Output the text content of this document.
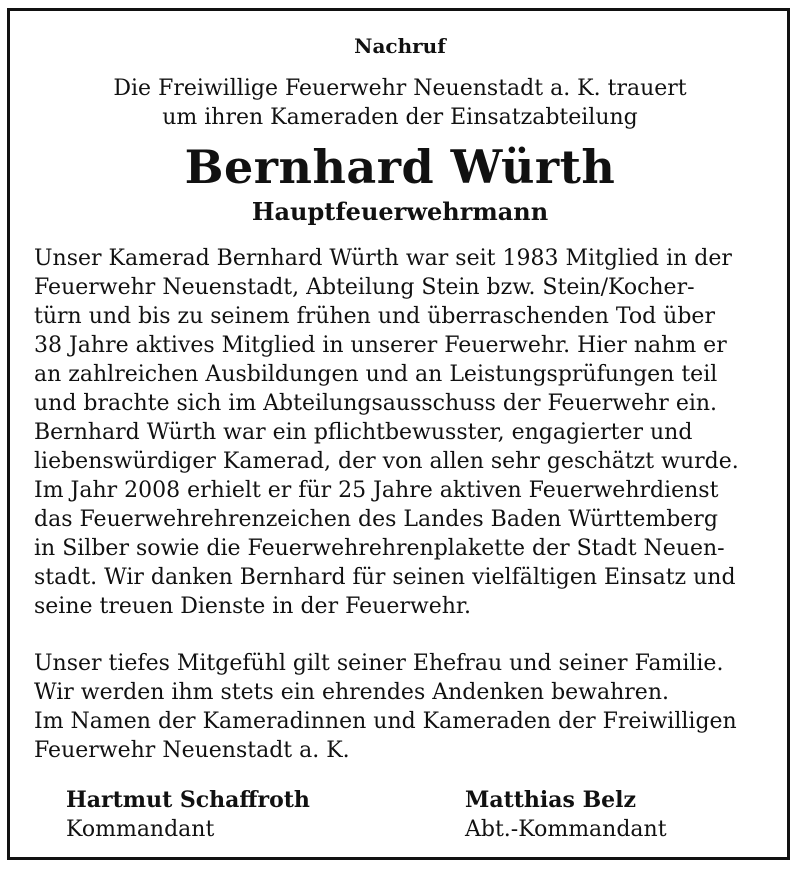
Nachruf
Die Freiwillige Feuerwehr Neuenstadt a. K. trauert
um ihren Kameraden der Einsatzabteilung
Bernhard Würth
Hauptfeuerwehrmann
Unser Kamerad Bernhard Würth war seit 1983 Mitglied in der
Feuerwehr Neuenstadt, Abteilung Stein bzw. Stein/Kocher-
türn und bis zu seinem frühen und überraschenden Tod über
38 Jahre aktives Mitglied in unserer Feuerwehr. Hier nahm er
an zahlreichen Ausbildungen und an Leistungsprüfungen teil
und brachte sich im Abteilungsausschuss der Feuerwehr ein.
Bernhard Würth war ein pflichtbewusster, engagierter und
liebenswürdiger Kamerad, der von allen sehr geschätzt wurde.
Im Jahr 2008 erhielt er für 25 Jahre aktiven Feuerwehrdienst
das Feuerwehrehrenzeichen des Landes Baden Württemberg
in Silber sowie die Feuerwehrehrenplakette der Stadt Neuen-
stadt. Wir danken Bernhard für seinen vielfältigen Einsatz und
seine treuen Dienste in der Feuerwehr.
Unser tiefes Mitgefühl gilt seiner Ehefrau und seiner Familie.
Wir werden ihm stets ein ehrendes Andenken bewahren.
Im Namen der Kameradinnen und Kameraden der Freiwilligen
Feuerwehr Neuenstadt a. K.
Hartmut Schaffroth
Kommandant
Matthias Belz
Abt.-Kommandant
